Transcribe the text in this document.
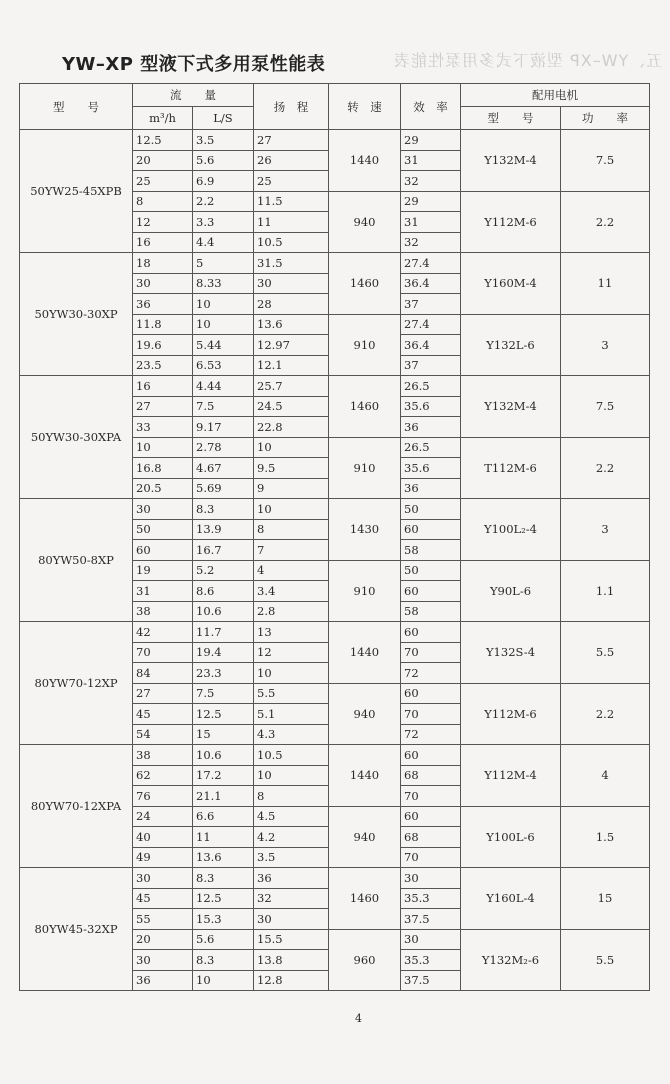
YW–XP 型液下式多用泵性能表	五、YW–XP 型液下式多用泵性能表
型　　号	流　　量		扬　程	转　速	效　率	配用电机	
	m³/h	L/S				型　　号	功　　率
50YW25-45XPB	12.5	3.5	27	1440	29	Y132M-4	7.5
	20	5.6	26		31		
	25	6.9	25		32		
	8	2.2	11.5	940	29	Y112M-6	2.2
	12	3.3	11		31		
	16	4.4	10.5		32		
50YW30-30XP	18	5	31.5	1460	27.4	Y160M-4	11
	30	8.33	30		36.4		
	36	10	28		37		
	11.8	10	13.6	910	27.4	Y132L-6	3
	19.6	5.44	12.97		36.4		
	23.5	6.53	12.1		37		
50YW30-30XPA	16	4.44	25.7	1460	26.5	Y132M-4	7.5
	27	7.5	24.5		35.6		
	33	9.17	22.8		36		
	10	2.78	10	910	26.5	T112M-6	2.2
	16.8	4.67	9.5		35.6		
	20.5	5.69	9		36		
80YW50-8XP	30	8.3	10	1430	50	Y100L₂-4	3
	50	13.9	8		60		
	60	16.7	7		58		
	19	5.2	4	910	50	Y90L-6	1.1
	31	8.6	3.4		60		
	38	10.6	2.8		58		
80YW70-12XP	42	11.7	13	1440	60	Y132S-4	5.5
	70	19.4	12		70		
	84	23.3	10		72		
	27	7.5	5.5	940	60	Y112M-6	2.2
	45	12.5	5.1		70		
	54	15	4.3		72		
80YW70-12XPA	38	10.6	10.5	1440	60	Y112M-4	4
	62	17.2	10		68		
	76	21.1	8		70		
	24	6.6	4.5	940	60	Y100L-6	1.5
	40	11	4.2		68		
	49	13.6	3.5		70		
80YW45-32XP	30	8.3	36	1460	30	Y160L-4	15
	45	12.5	32		35.3		
	55	15.3	30		37.5		
	20	5.6	15.5	960	30	Y132M₂-6	5.5
	30	8.3	13.8		35.3		
	36	10	12.8		37.5		
4
